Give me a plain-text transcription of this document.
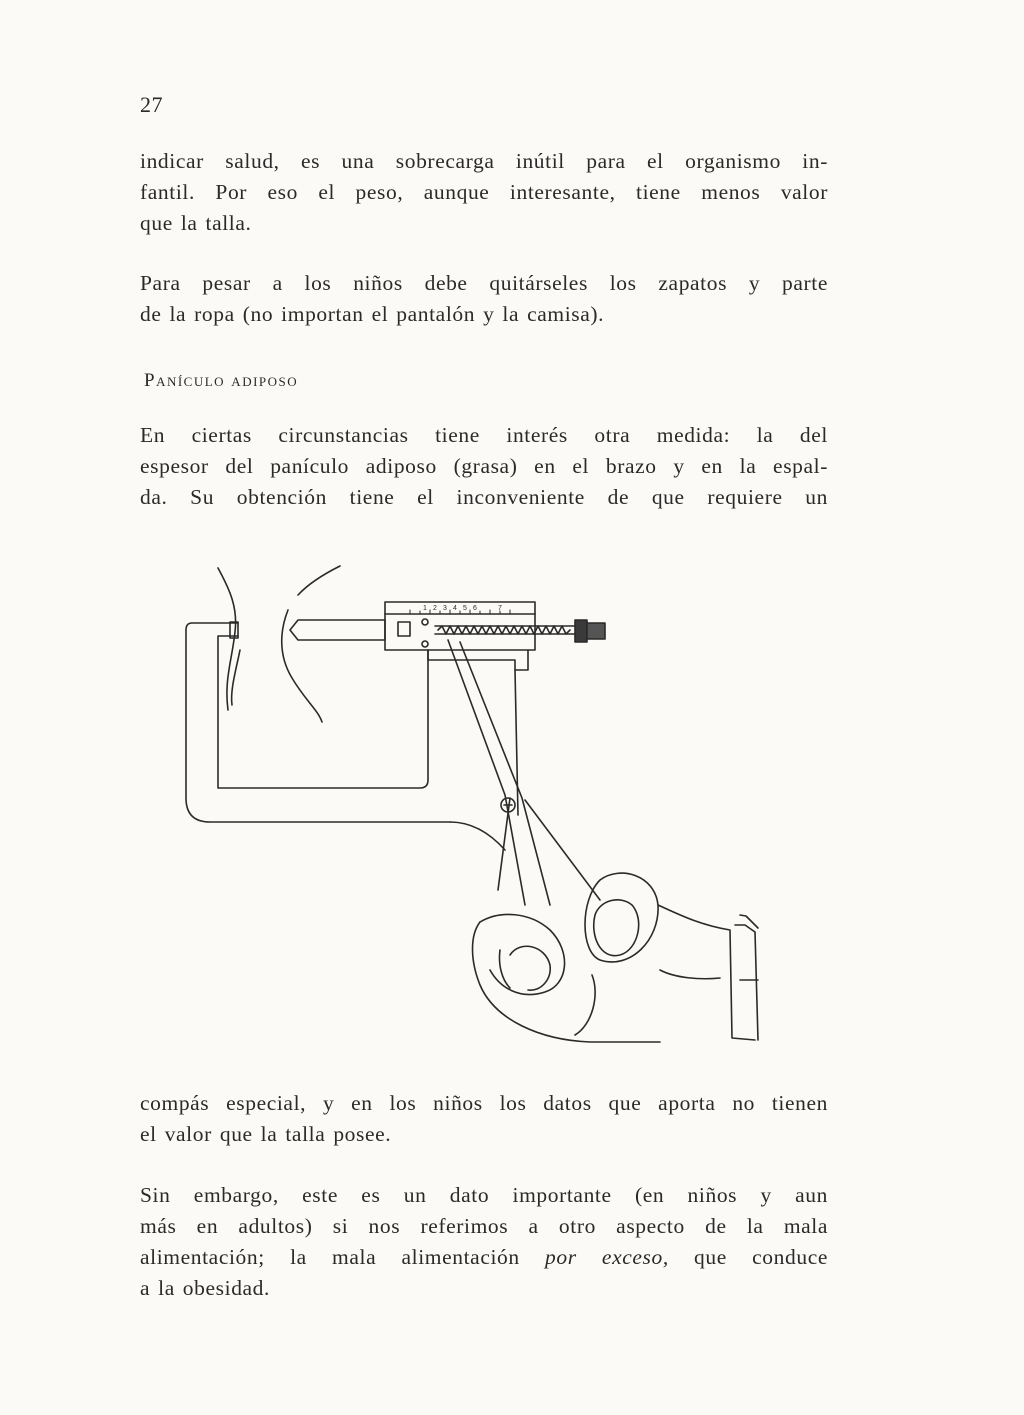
27
indicar salud, es una sobrecarga inútil para el organismo in-
fantil. Por eso el peso, aunque interesante, tiene menos valor
que la talla.
Para pesar a los niños debe quitárseles los zapatos y parte
de la ropa (no importan el pantalón y la camisa).
Panículo adiposo
En ciertas circunstancias tiene interés otra medida: la del
espesor del panículo adiposo (grasa) en el brazo y en la espal-
da. Su obtención tiene el inconveniente de que requiere un
1 2 3 4 5 6	7
compás especial, y en los niños los datos que aporta no tienen
el valor que la talla posee.
Sin embargo, este es un dato importante (en niños y aun
más en adultos) si nos referimos a otro aspecto de la mala
alimentación; la mala alimentación por exceso, que conduce
a la obesidad.
